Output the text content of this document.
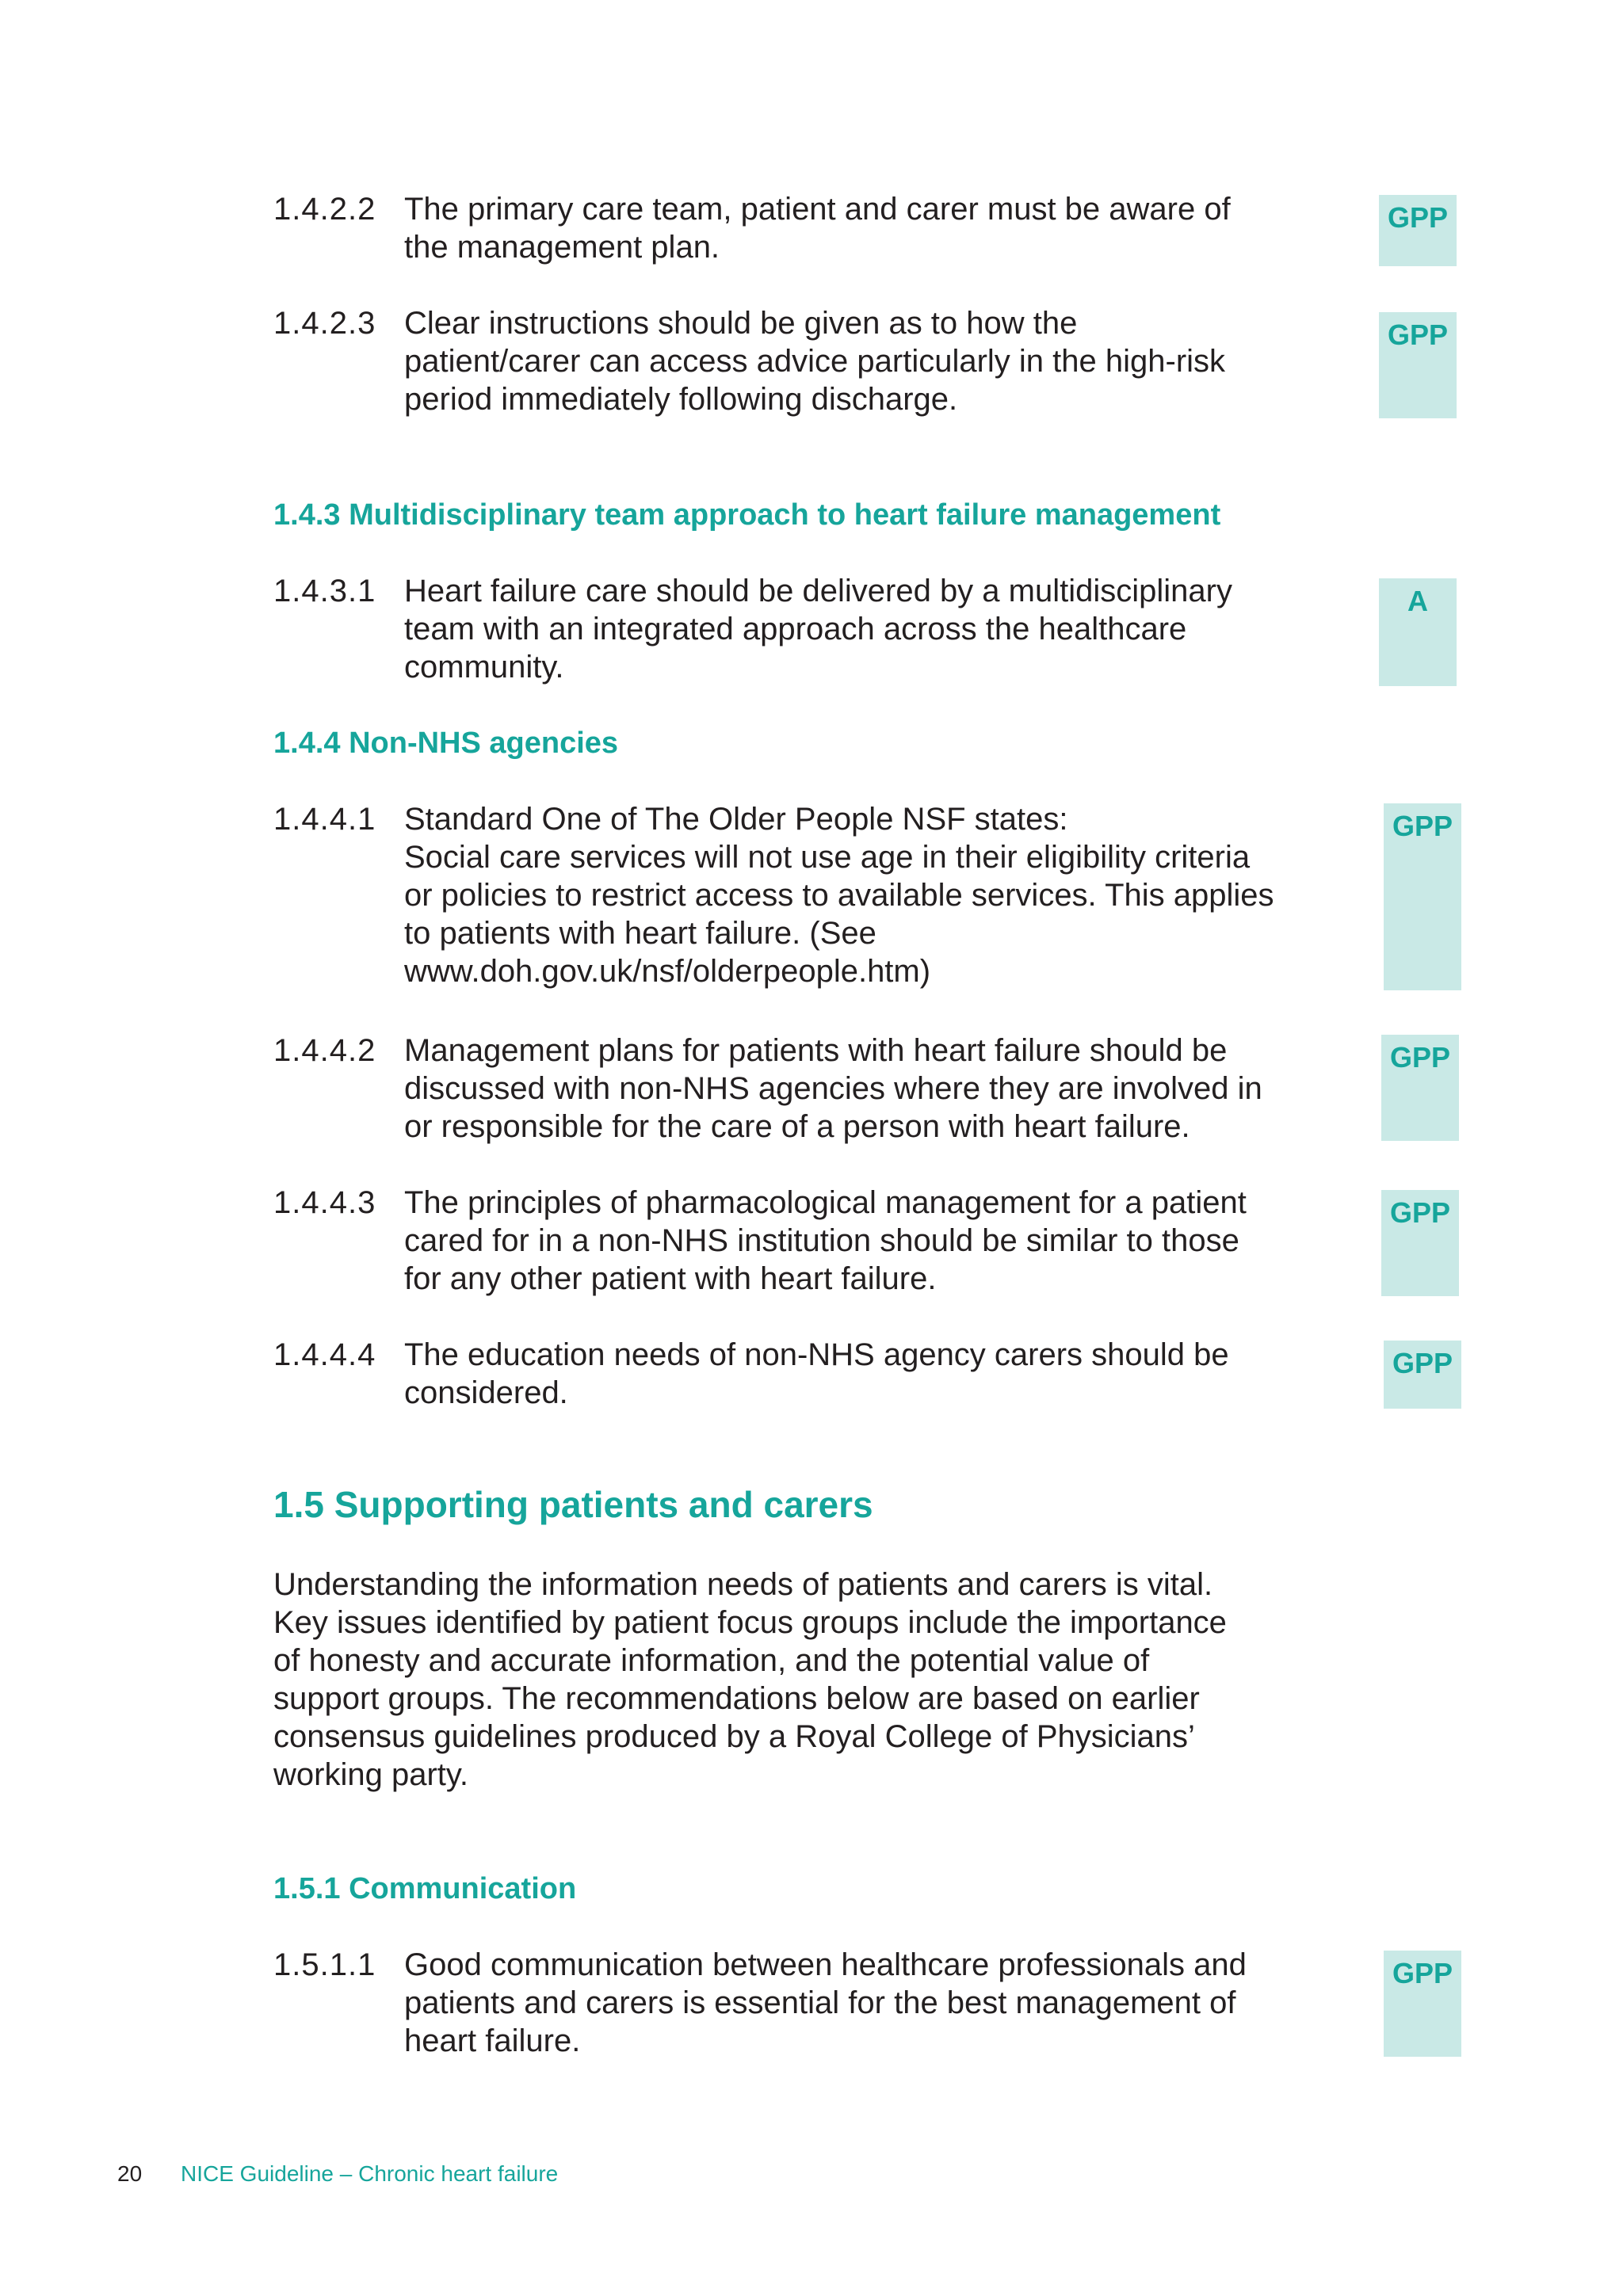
1.4.2.2 The primary care team, patient and carer must be aware of
the management plan.
GPP
1.4.2.3 Clear instructions should be given as to how the
patient/carer can access advice particularly in the high-risk
period immediately following discharge.
GPP
1.4.3 Multidisciplinary team approach to heart failure management
1.4.3.1 Heart failure care should be delivered by a multidisciplinary
team with an integrated approach across the healthcare
community.
A
1.4.4 Non-NHS agencies
1.4.4.1 Standard One of The Older People NSF states:
Social care services will not use age in their eligibility criteria
or policies to restrict access to available services. This applies
to patients with heart failure. (See
www.doh.gov.uk/nsf/olderpeople.htm)
GPP
1.4.4.2 Management plans for patients with heart failure should be
discussed with non-NHS agencies where they are involved in
or responsible for the care of a person with heart failure.
GPP
1.4.4.3 The principles of pharmacological management for a patient
cared for in a non-NHS institution should be similar to those
for any other patient with heart failure.
GPP
1.4.4.4 The education needs of non-NHS agency carers should be
considered.
GPP
1.5 Supporting patients and carers
Understanding the information needs of patients and carers is vital.
Key issues identified by patient focus groups include the importance
of honesty and accurate information, and the potential value of
support groups. The recommendations below are based on earlier
consensus guidelines produced by a Royal College of Physicians’
working party.
1.5.1 Communication
1.5.1.1 Good communication between healthcare professionals and
patients and carers is essential for the best management of
heart failure.
GPP
20 NICE Guideline – Chronic heart failure
